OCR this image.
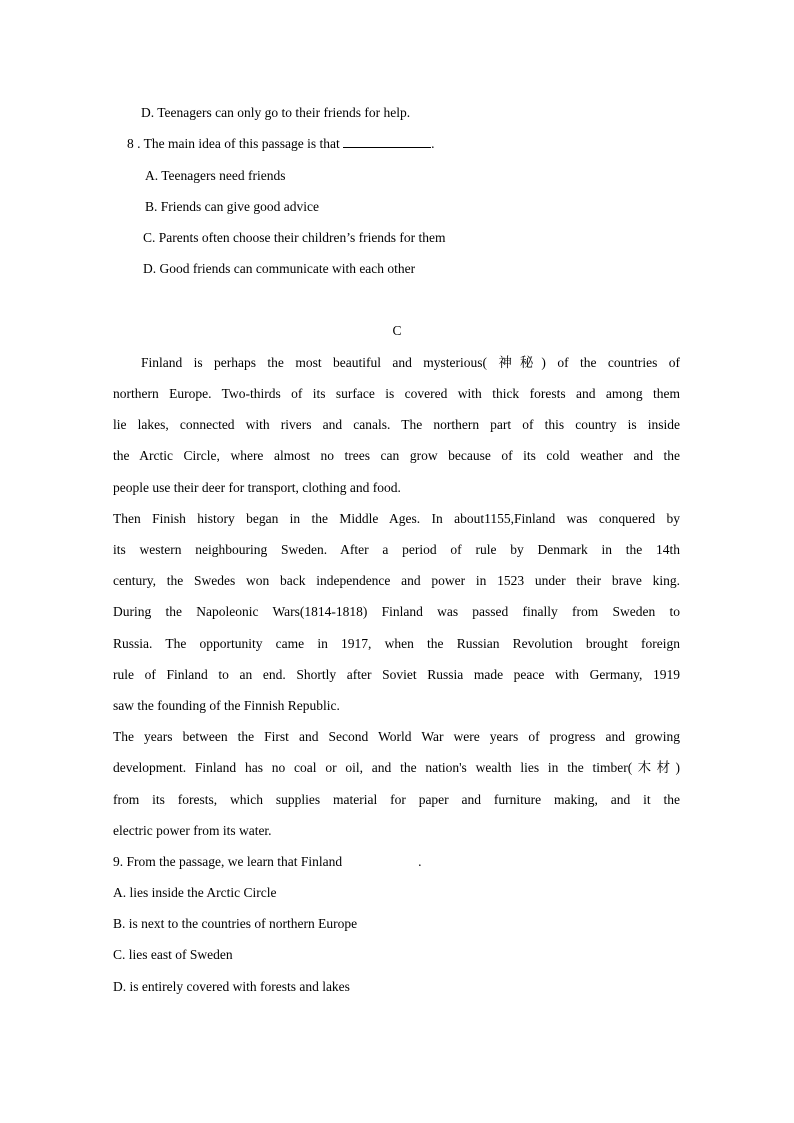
D. Teenagers can only go to their friends for help.
8 . The main idea of this passage is that	.
A. Teenagers need friends
B. Friends can give good advice
C. Parents often choose their children’s friends for them
D. Good friends can communicate with each other
C
Finland is perhaps the most beautiful and mysterious( 神秘) of the countries of
northern Europe. Two-thirds of its surface is covered with thick forests and among them
lie lakes, connected with rivers and canals. The northern part of this country is inside
the Arctic Circle, where almost no trees can grow because of its cold weather and the
people use their deer for transport, clothing and food.
Then Finish history began in the Middle Ages. In about1155,Finland was conquered by
its western neighbouring Sweden. After a period of rule by Denmark in the 14th
century, the Swedes won back independence and power in 1523 under their brave king.
During the Napoleonic Wars(1814-1818) Finland was passed finally from Sweden to
Russia. The opportunity came in 1917, when the Russian Revolution brought foreign
rule of Finland to an end. Shortly after Soviet Russia made peace with Germany, 1919
saw the founding of the Finnish Republic.
The years between the First and Second World War were years of progress and growing
development. Finland has no coal or oil, and the nation's wealth lies in the timber(木材)
from its forests, which supplies material for paper and furniture making, and it the
electric power from its water.
9. From the passage, we learn that Finland	.
A. lies inside the Arctic Circle
B. is next to the countries of northern Europe
C. lies east of Sweden
D. is entirely covered with forests and lakes
